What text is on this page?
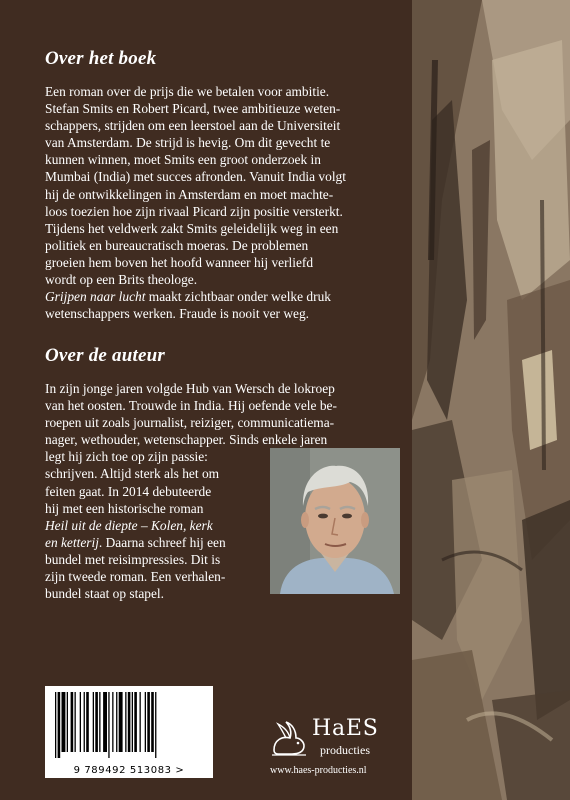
Over het boek
Een roman over de prijs die we betalen voor ambitie.
Stefan Smits en Robert Picard, twee ambitieuze weten-
schappers, strijden om een leerstoel aan de Universiteit
van Amsterdam. De strijd is hevig. Om dit gevecht te
kunnen winnen, moet Smits een groot onderzoek in
Mumbai (India) met succes afronden. Vanuit India volgt
hij de ontwikkelingen in Amsterdam en moet machte-
loos toezien hoe zijn rivaal Picard zijn positie versterkt.
Tijdens het veldwerk zakt Smits geleidelijk weg in een
politiek en bureaucratisch moeras. De problemen
groeien hem boven het hoofd wanneer hij verliefd
wordt op een Brits theologe.
Grijpen naar lucht maakt zichtbaar onder welke druk
wetenschappers werken. Fraude is nooit ver weg.
Over de auteur
In zijn jonge jaren volgde Hub van Wersch de lokroep
van het oosten. Trouwde in India. Hij oefende vele be-
roepen uit zoals journalist, reiziger, communicatiema-
nager, wethouder, wetenschapper. Sinds enkele jaren
legt hij zich toe op zijn passie:
schrijven. Altijd sterk als het om
feiten gaat. In 2014 debuteerde
hij met een historische roman
Heil uit de diepte – Kolen, kerk
en ketterij. Daarna schreef hij een
bundel met reisimpressies. Dit is
zijn tweede roman. Een verhalen-
bundel staat op stapel.
9 789492 513083 >
HaES
producties
www.haes-producties.nl
